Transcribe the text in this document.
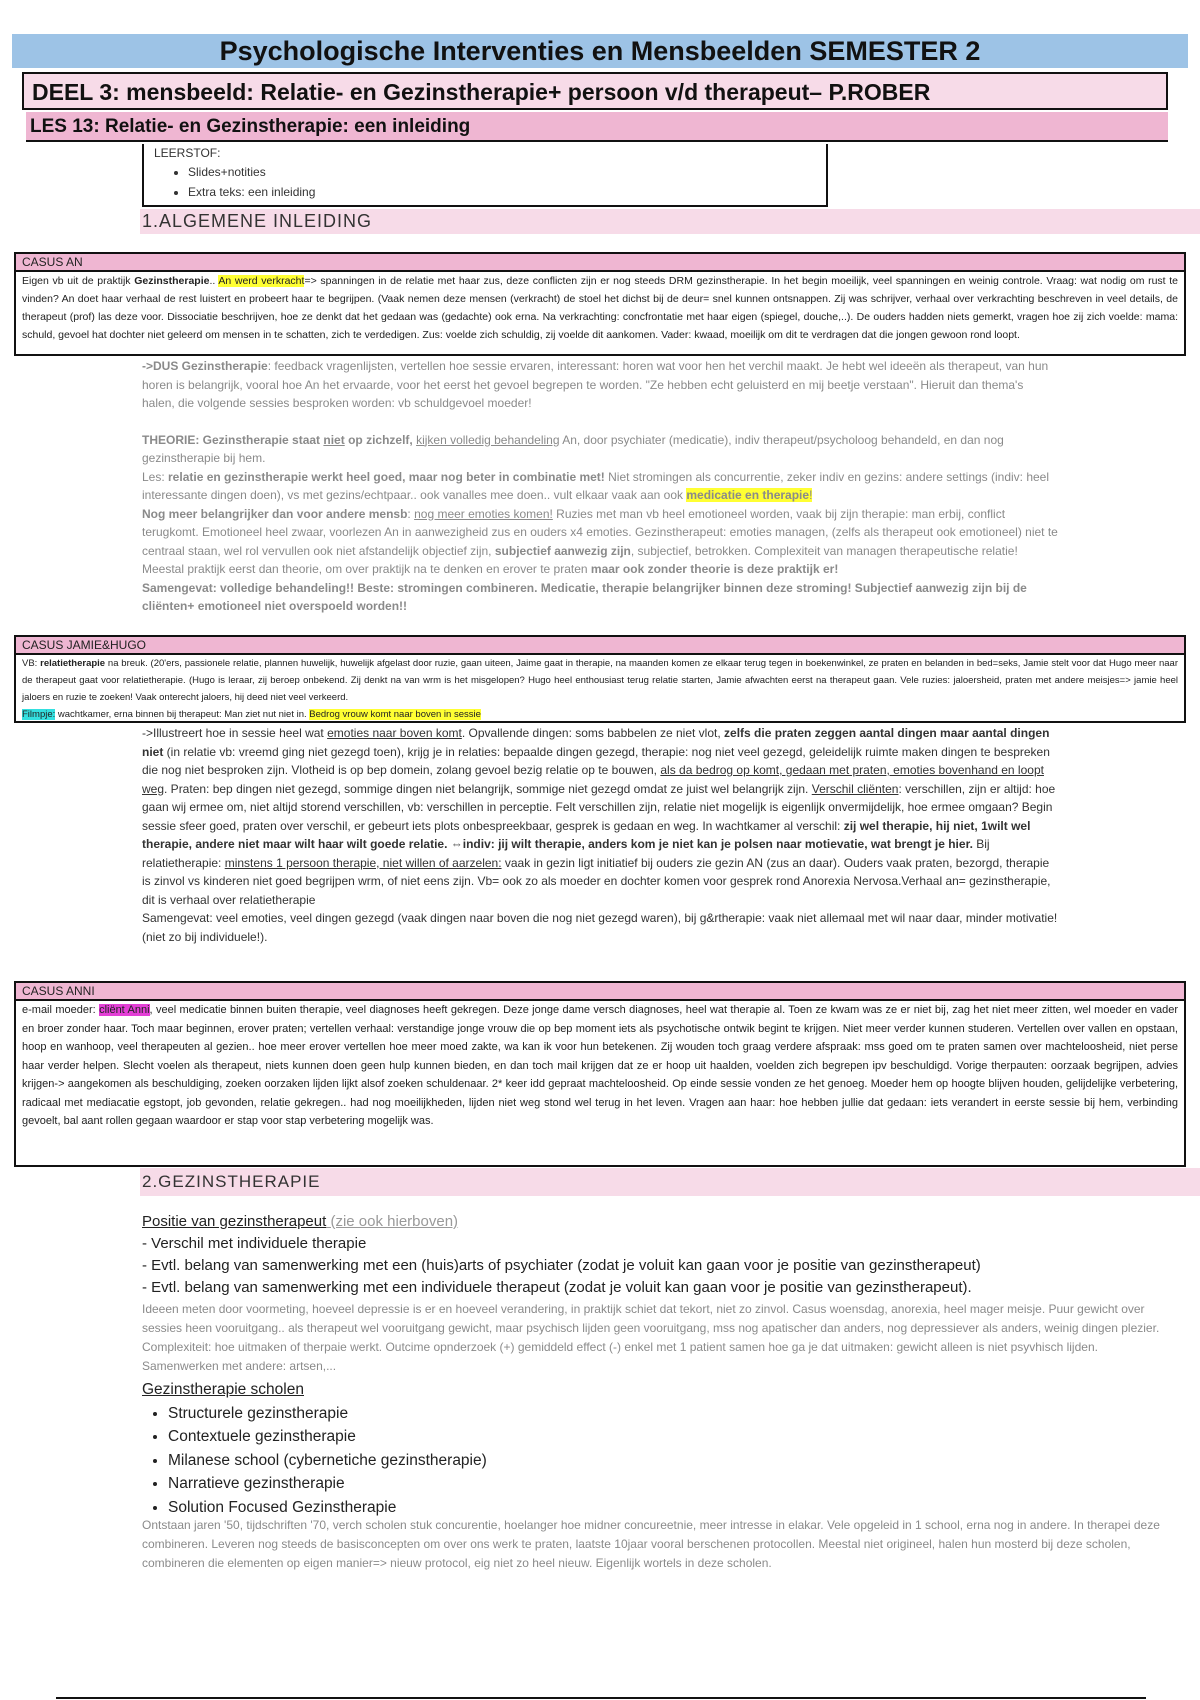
Psychologische Interventies en Mensbeelden SEMESTER 2
DEEL 3: mensbeeld: Relatie- en Gezinstherapie+ persoon v/d therapeut– P.ROBER
LES 13: Relatie- en Gezinstherapie: een inleiding
LEERSTOF:
• Slides+notities
• Extra teks: een inleiding
1.ALGEMENE INLEIDING
CASUS AN
Eigen vb uit de praktijk Gezinstherapie.. An werd verkracht=> spanningen in de relatie met haar zus, deze conflicten zijn er nog steeds DRM gezinstherapie. In het begin moeilijk, veel spanningen en weinig controle. Vraag: wat nodig om rust te vinden? An doet haar verhaal de rest luistert en probeert haar te begrijpen. (Vaak nemen deze mensen (verkracht) de stoel het dichst bij de deur= snel kunnen ontsnappen. Zij was schrijver, verhaal over verkrachting beschreven in veel details, de therapeut (prof) las deze voor. Dissociatie beschrijven, hoe ze denkt dat het gedaan was (gedachte) ook erna. Na verkrachting: concfrontatie met haar eigen (spiegel, douche,..). De ouders hadden niets gemerkt, vragen hoe zij zich voelde: mama: schuld, gevoel hat dochter niet geleerd om mensen in te schatten, zich te verdedigen. Zus: voelde zich schuldig, zij voelde dit aankomen. Vader: kwaad, moeilijk om dit te verdragen dat die jongen gewoon rond loopt.

->DUS Gezinstherapie: feedback vragenlijsten, vertellen hoe sessie ervaren, interessant: horen wat voor hen het verchil maakt. Je hebt wel ideeën als therapeut, van hun horen is belangrijk, vooral hoe An het ervaarde, voor het eerst het gevoel begrepen te worden. "Ze hebben echt geluisterd en mij beetje verstaan". Hieruit dan thema's halen, die volgende sessies besproken worden: vb schuldgevoel moeder!

THEORIE: Gezinstherapie staat niet op zichzelf, kijken volledig behandeling An, door psychiater (medicatie), indiv therapeut/psycholoog behandeld, en dan nog gezinstherapie bij hem.
Les: relatie en gezinstherapie werkt heel goed, maar nog beter in combinatie met! Niet stromingen als concurrentie, zeker indiv en gezins: andere settings (indiv: heel interessante dingen doen), vs met gezins/echtpaar.. ook vanalles mee doen.. vult elkaar vaak aan ook medicatie en therapie!
Nog meer belangrijker dan voor andere mensb: nog meer emoties komen! Ruzies met man vb heel emotioneel worden, vaak bij zijn therapie: man erbij, conflict terugkomt. Emotioneel heel zwaar, voorlezen An in aanwezigheid zus en ouders x4 emoties. Gezinstherapeut: emoties managen, (zelfs als therapeut ook emotioneel) niet te centraal staan, wel rol vervullen ook niet afstandelijk objectief zijn, subjectief aanwezig zijn, subjectief, betrokken. Complexiteit van managen therapeutische relatie! Meestal praktijk eerst dan theorie, om over praktijk na te denken en erover te praten maar ook zonder theorie is deze praktijk er!
Samengevat: volledige behandeling!! Beste: stromingen combineren. Medicatie, therapie belangrijker binnen deze stroming! Subjectief aanwezig zijn bij de cliënten+ emotioneel niet overspoeld worden!!

CASUS JAMIE&HUGO
VB: relatietherapie na breuk. (20'ers, passionele relatie, plannen huwelijk, huwelijk afgelast door ruzie, gaan uiteen, Jaime gaat in therapie, na maanden komen ze elkaar terug tegen in boekenwinkel, ze praten en belanden in bed=seks, Jamie stelt voor dat Hugo meer naar de therapeut gaat voor relatietherapie. (Hugo is leraar, zij beroep onbekend. Zij denkt na van wrm is het misgelopen? Hugo heel enthousiast terug relatie starten, Jamie afwachten eerst na therapeut gaan. Vele ruzies: jaloersheid, praten met andere meisjes=> jamie heel jaloers en ruzie te zoeken! Vaak onterecht jaloers, hij deed niet veel verkeerd.
Filmpje: wachtkamer, erna binnen bij therapeut: Man ziet nut niet in. Bedrog vrouw komt naar boven in sessie
->Illustreert hoe in sessie heel wat emoties naar boven komt. Opvallende dingen: soms babbelen ze niet vlot, zelfs die praten zeggen aantal dingen maar aantal dingen niet (in relatie vb: vreemd ging niet gezegd toen), krijg je in relaties: bepaalde dingen gezegd, therapie: nog niet veel gezegd, geleidelijk ruimte maken dingen te bespreken die nog niet besproken zijn. Vlotheid is op bep domein, zolang gevoel bezig relatie op te bouwen, als da bedrog op komt, gedaan met praten, emoties bovenhand en loopt weg. Praten: bep dingen niet gezegd, sommige dingen niet belangrijk, sommige niet gezegd omdat ze juist wel belangrijk zijn. Verschil cliënten: verschillen, zijn er altijd: hoe gaan wij ermee om, niet altijd storend verschillen, vb: verschillen in perceptie. Felt verschillen zijn, relatie niet mogelijk is eigenlijk onvermijdelijk, hoe ermee omgaan? Begin sessie sfeer goed, praten over verschil, er gebeurt iets plots onbespreekbaar, gesprek is gedaan en weg. In wachtkamer al verschil: zij wel therapie, hij niet, 1wilt wel therapie, andere niet maar wilt haar wilt goede relatie. ⇔indiv: jij wilt therapie, anders kom je niet kan je polsen naar motievatie, wat brengt je hier. Bij relatietherapie: minstens 1 persoon therapie, niet willen of aarzelen: vaak in gezin ligt initiatief bij ouders zie gezin AN (zus an daar). Ouders vaak praten, bezorgd, therapie is zinvol vs kinderen niet goed begrijpen wrm, of niet eens zijn. Vb= ook zo als moeder en dochter komen voor gesprek rond Anorexia Nervosa.Verhaal an= gezinstherapie, dit is verhaal over relatietherapie
Samengevat: veel emoties, veel dingen gezegd (vaak dingen naar boven die nog niet gezegd waren), bij g&rtherapie: vaak niet allemaal met wil naar daar, minder motivatie! (niet zo bij individuele!).
CASUS ANNI
e-mail moeder: cliënt Anni, veel medicatie binnen buiten therapie, veel diagnoses heeft gekregen. Deze jonge dame versch diagnoses, heel wat therapie al. Toen ze kwam was ze er niet bij, zag het niet meer zitten, wel moeder en vader en broer zonder haar. Toch maar beginnen, erover praten; vertellen verhaal: verstandige jonge vrouw die op bep moment iets als psychotische ontwik begint te krijgen. Niet meer verder kunnen studeren. Vertellen over vallen en opstaan, hoop en wanhoop, veel therapeuten al gezien.. hoe meer erover vertellen hoe meer moed zakte, wa kan ik voor hun betekenen. Zij wouden toch graag verdere afspraak: mss goed om te praten samen over machteloosheid, niet perse haar verder helpen. Slecht voelen als therapeut, niets kunnen doen geen hulp kunnen bieden, en dan toch mail krijgen dat ze er hoop uit haalden, voelden zich begrepen ipv beschuldigd. Vorige therpauten: oorzaak begrijpen, advies krijgen-> aangekomen als beschuldiging, zoeken oorzaken lijden lijkt alsof zoeken schuldenaar. 2* keer idd gepraat machteloosheid. Op einde sessie vonden ze het genoeg. Moeder hem op hoogte blijven houden, gelijdelijke verbetering, radicaal met mediacatie egstopt, job gevonden, relatie gekregen.. had nog moeilijkheden, lijden niet weg stond wel terug in het leven. Vragen aan haar: hoe hebben jullie dat gedaan: iets verandert in eerste sessie bij hem, verbinding gevoelt, bal aant rollen gegaan waardoor er stap voor stap verbetering mogelijk was.
2.GEZINSTHERAPIE
Positie van gezinstherapeut (zie ook hierboven)
- Verschil met individuele therapie
- Evtl. belang van samenwerking met een (huis)arts of psychiater (zodat je voluit kan gaan voor je positie van gezinstherapeut)
- Evtl. belang van samenwerking met een individuele therapeut (zodat je voluit kan gaan voor je positie van gezinstherapeut).
Ideeen meten door voormeting, hoeveel depressie is er en hoeveel verandering, in praktijk schiet dat tekort, niet zo zinvol. Casus woensdag, anorexia, heel mager meisje. Puur gewicht over sessies heen vooruitgang.. als therapeut wel vooruitgang gewicht, maar psychisch lijden geen vooruitgang, mss nog apatischer dan anders, nog depressiever als anders, weinig dingen plezier. Complexiteit: hoe uitmaken of therpaie werkt. Outcime opnderzoek (+) gemiddeld effect (-) enkel met 1 patient samen hoe ga je dat uitmaken: gewicht alleen is niet psyvhisch lijden. Samenwerken met andere: artsen,...
Gezinstherapie scholen
• Structurele gezinstherapie
• Contextuele gezinstherapie
• Milanese school (cybernetiche gezinstherapie)
• Narratieve gezinstherapie
• Solution Focused Gezinstherapie
Ontstaan jaren '50, tijdschriften '70, verch scholen stuk concurentie, hoelanger hoe midner concureetnie, meer intresse in elakar. Vele opgeleid in 1 school, erna nog in andere. In therapei deze combineren. Leveren nog steeds de basisconcepten om over ons werk te praten, laatste 10jaar vooral berschenen protocollen. Meestal niet origineel, halen hun mosterd bij deze scholen, combineren die elementen op eigen manier=> nieuw protocol, eig niet zo heel nieuw. Eigenlijk wortels in deze scholen.
